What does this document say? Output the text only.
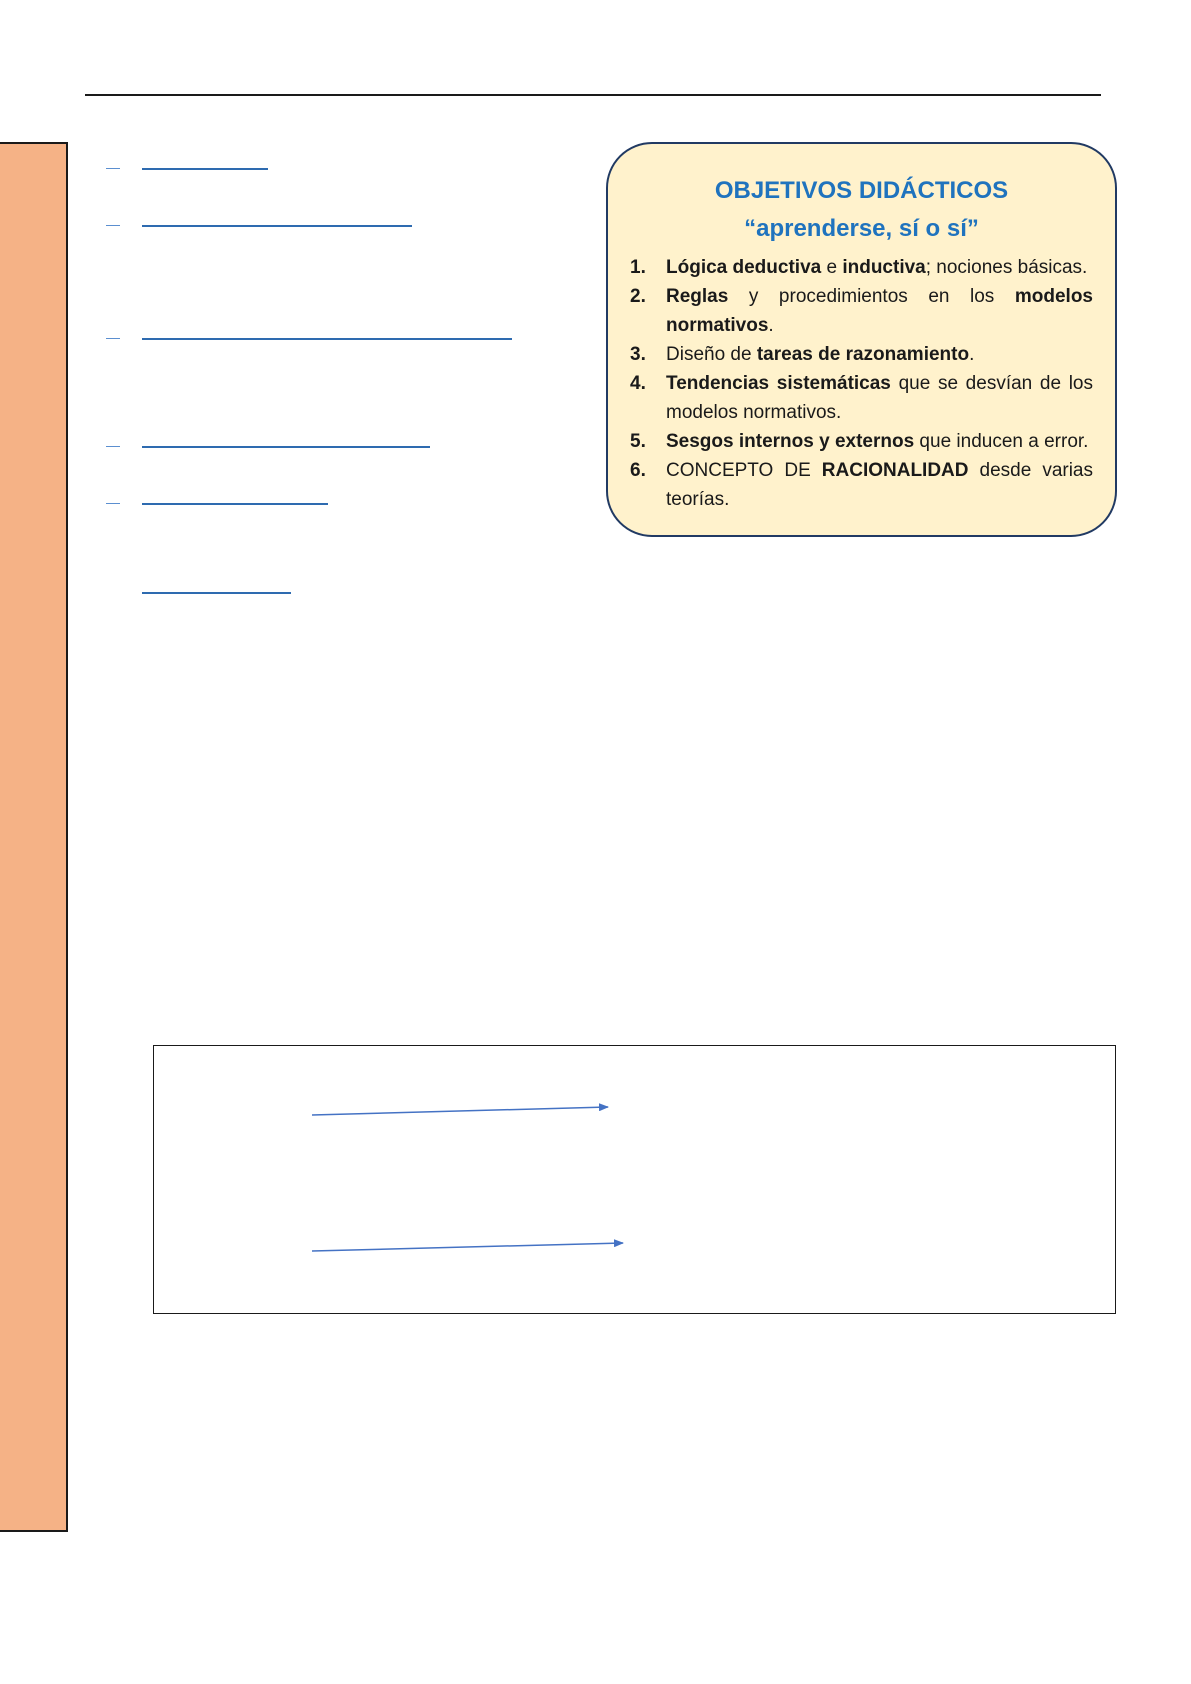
OBJETIVOS DIDÁCTICOS
“aprenderse, sí o sí”
1.	Lógica deductiva e inductiva; nociones básicas.
2.	Reglas y procedimientos en los modelos normativos.
3.	Diseño de tareas de razonamiento.
4.	Tendencias sistemáticas que se desvían de los modelos normativos.
5.	Sesgos internos y externos que inducen a error.
6.	CONCEPTO DE RACIONALIDAD desde varias teorías.
